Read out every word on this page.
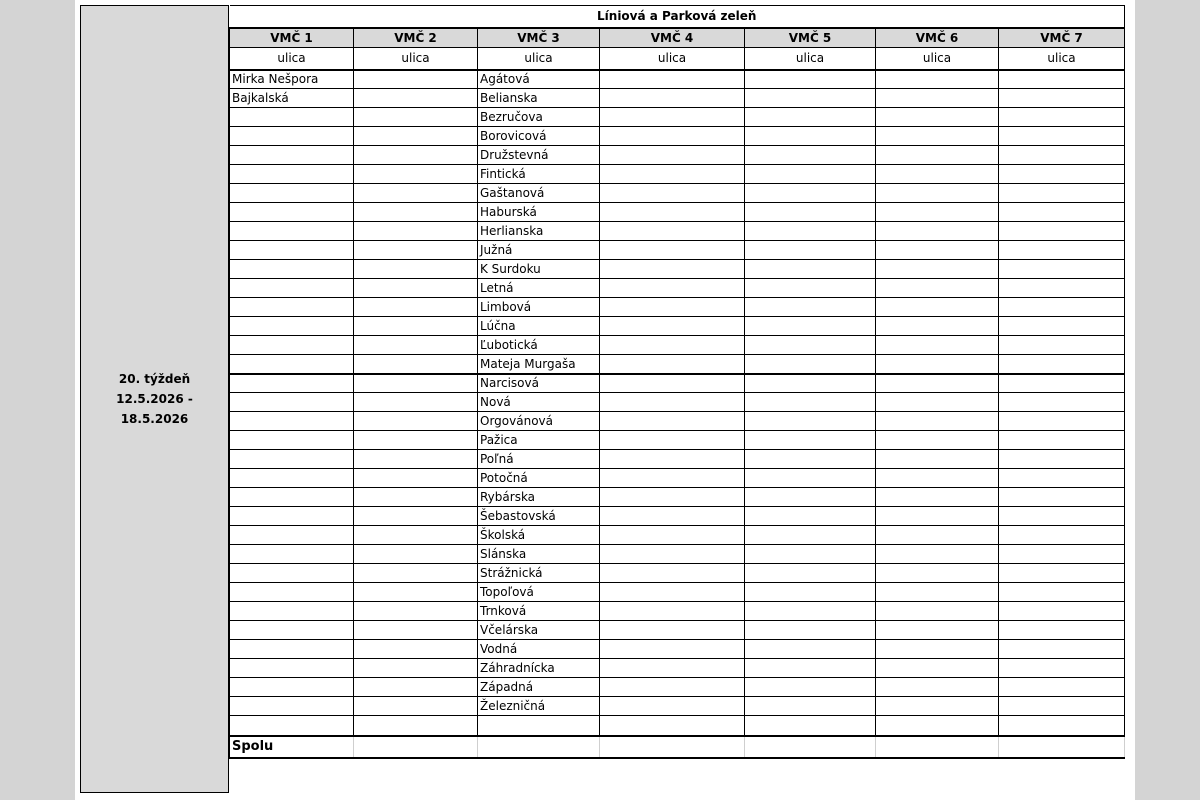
20. týždeň
12.5.2026 - 18.5.2026
Líniová a Parková zeleň						
VMČ 1	VMČ 2	VMČ 3	VMČ 4	VMČ 5	VMČ 6	VMČ 7
ulica	ulica	ulica	ulica	ulica	ulica	ulica
Mirka Nešpora		Agátová				
Bajkalská		Belianska				
		Bezručova				
		Borovicová				
		Družstevná				
		Fintická				
		Gaštanová				
		Haburská				
		Herlianska				
		Južná				
		K Surdoku				
		Letná				
		Limbová				
		Lúčna				
		Ľubotická				
		Mateja Murgaša				
		Narcisová				
		Nová				
		Orgovánová				
		Pažica				
		Poľná				
		Potočná				
		Rybárska				
		Šebastovská				
		Školská				
		Slánska				
		Strážnická				
		Topoľová				
		Trnková				
		Včelárska				
		Vodná				
		Záhradnícka				
		Západná				
		Železničná				

Spolu						
